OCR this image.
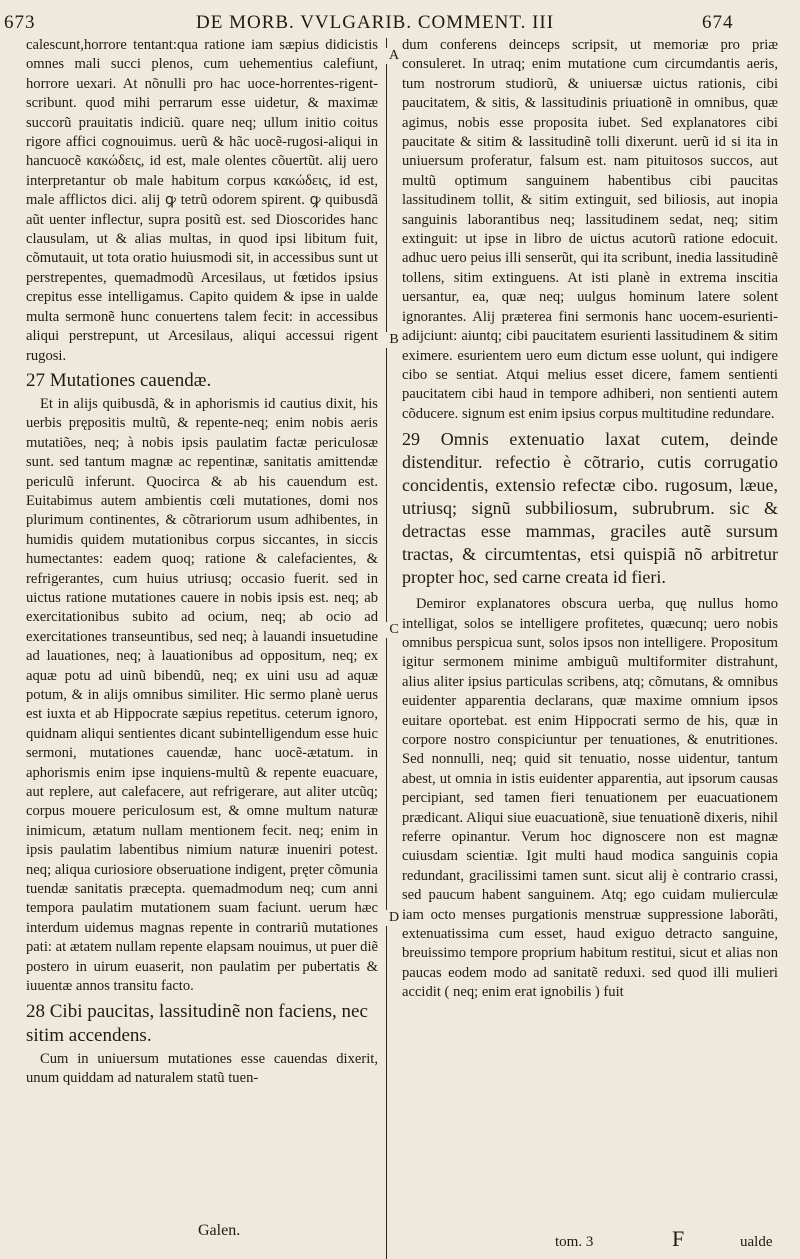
673	DE MORB. VVLGARIB. COMMENT. III	674

calescunt,horrore tentant:qua ratione iam sæpius didicistis omnes mali succi plenos, cum uehementius calefiunt, horrore uexari. At nõnulli pro hac uoce-horrentes-rigent-scribunt. quod mihi perrarum esse uidetur, & maximæ succorũ prauitatis indiciũ. quare neq; ullum initio coitus rigore affici cognouimus. uerũ & hãc uocẽ-rugosi-aliqui in hancuocẽ κακώδεις, id est, male olentes cõuertũt. alij uero interpretantur ob male habitum corpus κακώδεις, id est, male afflictos dici. alij ꝙ tetrũ odorem spirent. ꝙ quibusdã aũt uenter inflectur, supra positũ est. sed Dioscorides hanc clausulam, ut & alias multas, in quod ipsi libitum fuit, cõmutauit, ut tota oratio huiusmodi sit, in accessibus sunt ut perstrepentes, quemadmodũ Arcesilaus, ut fœtidos ipsius crepitus esse intelligamus. Capito quidem & ipse in ualde multa sermonẽ hunc conuertens talem fecit: in accessibus aliqui perstrepunt, ut Arcesilaus, aliqui accessui rigent rugosi.

27 Mutationes cauendæ.

Et in alijs quibusdã, & in aphorismis id cautius dixit, his uerbis prępositis multũ, & repente-neq; enim nobis aeris mutatiões, neq; à nobis ipsis paulatim factæ periculosæ sunt. sed tantum magnæ ac repentinæ, sanitatis amittendæ periculũ inferunt. Quocirca & ab his cauendum est. Euitabimus autem ambientis cœli mutationes, domi nos plurimum continentes, & cõtrariorum usum adhibentes, in humidis quidem mutationibus corpus siccantes, in siccis humectantes: eadem quoq; ratione & calefacientes, & refrigerantes, cum huius utriusq; occasio fuerit. sed in uictus ratione mutationes cauere in nobis ipsis est. neq; ab exercitationibus subito ad ocium, neq; ab ocio ad exercitationes transeuntibus, sed neq; à lauandi insuetudine ad lauationes, neq; à lauationibus ad oppositum, neq; ex aquæ potu ad uinũ bibendũ, neq; ex uini usu ad aquæ potum, & in alijs omnibus similiter. Hic sermo planè uerus est iuxta et ab Hippocrate sæpius repetitus. ceterum ignoro, quidnam aliqui sentientes dicant subintelligendum esse huic sermoni, mutationes cauendæ, hanc uocẽ-ætatum. in aphorismis enim ipse inquiens-multũ & repente euacuare, aut replere, aut calefacere, aut refrigerare, aut aliter utcũq; corpus mouere periculosum est, & omne multum naturæ inimicum, ætatum nullam mentionem fecit. neq; enim in ipsis paulatim labentibus nimium naturæ inueniri potest. neq; aliqua curiosiore obseruatione indigent, pręter cõmunia tuendæ sanitatis præcepta. quemadmodum neq; cum anni tempora paulatim mutationem suam faciunt. uerum hæc interdum uidemus magnas repente in contrariũ mutationes pati: at ætatem nullam repente elapsam nouimus, ut puer diẽ postero in uirum euaserit, non paulatim per pubertatis & iuuentæ annos transitu facto.

28 Cibi paucitas, lassitudinẽ non faciens, nec sitim accendens.

Cum in uniuersum mutationes esse cauendas dixerit, unum quiddam ad naturalem statũ tuen-

dum conferens deinceps scripsit, ut memoriæ pro priæ consuleret. In utraq; enim mutatione cum circumdantis aeris, tum nostrorum studiorũ, & uniuersæ uictus rationis, cibi paucitatem, & sitis, & lassitudinis priuationẽ in omnibus, quæ agimus, nobis esse proposita iubet. Sed explanatores cibi paucitate & sitim & lassitudinẽ tolli dixerunt. uerũ id si ita in uniuersum proferatur, falsum est. nam pituitosos succos, aut multũ optimum sanguinem habentibus cibi paucitas lassitudinem tollit, & sitim extinguit, sed biliosis, aut inopia sanguinis laborantibus neq; lassitudinem sedat, neq; sitim extinguit: ut ipse in libro de uictus acutorũ ratione edocuit. adhuc uero peius illi senserũt, qui ita scribunt, inedia lassitudinẽ tollens, sitim extinguens. At isti planè in extrema inscitia uersantur, ea, quæ neq; uulgus hominum latere solent ignorantes. Alij præterea fini sermonis hanc uocem-esurienti-adijciunt: aiuntq; cibi paucitatem esurienti lassitudinem & sitim eximere. esurientem uero eum dictum esse uolunt, qui indigere cibo se sentiat. Atqui melius esset dicere, famem sentienti paucitatem cibi haud in tempore adhiberi, non sentienti autem cõducere. signum est enim ipsius corpus multitudine redundare.

29 Omnis extenuatio laxat cutem, deinde distenditur. refectio è cõtrario, cutis corrugatio concidentis, extensio refectæ cibo. rugosum, læue, utriusq; signũ subbiliosum, subrubrum. sic & detractas esse mammas, graciles autẽ sursum tractas, & circumtentas, etsi quispiã nõ arbitretur propter hoc, sed carne creata id fieri.

Demiror explanatores obscura uerba, quę nullus homo intelligat, solos se intelligere profitetes, quæcunq; uero nobis omnibus perspicua sunt, solos ipsos non intelligere. Propositum igitur sermonem minime ambiguũ multiformiter distrahunt, alius aliter ipsius particulas scribens, atq; cõmutans, & omnibus euidenter apparentia declarans, quæ maxime omnium ipsos euitare oportebat. est enim Hippocrati sermo de his, quæ in corpore nostro conspiciuntur per tenuationes, & enutritiones. Sed nonnulli, neq; quid sit tenuatio, nosse uidentur, tantum abest, ut omnia in istis euidenter apparentia, aut ipsorum causas percipiant, sed tamen fieri tenuationem per euacuationem prædicant. Aliqui siue euacuationẽ, siue tenuationẽ dixeris, nihil referre opinantur. Verum hoc dignoscere non est magnæ cuiusdam scientiæ. Igit multi haud modica sanguinis copia redundant, gracilissimi tamen sunt. sicut alij è contrario crassi, sed paucum habent sanguinem. Atq; ego cuidam mulierculæ iam octo menses purgationis menstruæ suppressione laborãti, extenuatissima cum esset, haud exiguo detracto sanguine, breuissimo tempore proprium habitum restitui, sicut et alias non paucas eodem modo ad sanitatẽ reduxi. sed quod illi mulieri accidit ( neq; enim erat ignobilis ) fuit

A
B
C
D
Galen.
tom. 3	F	ualde
